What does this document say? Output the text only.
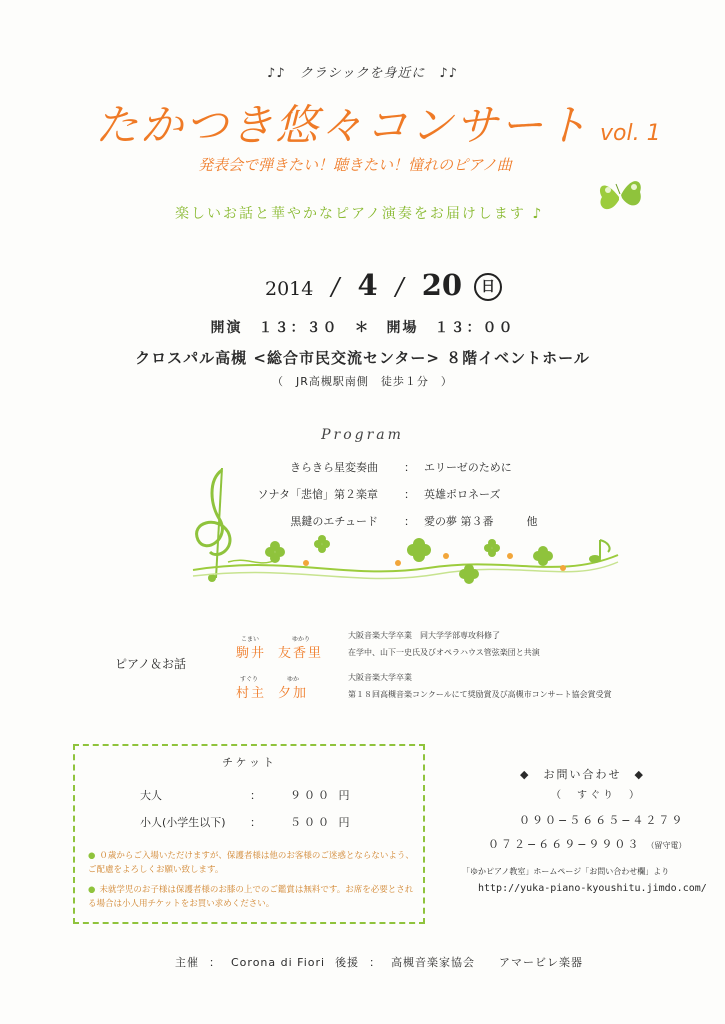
♪♪　クラシックを身近に　♪♪
たかつき悠々コンサート vol. 1
発表会で弾きたい！聴きたい！憧れのピアノ曲
楽しいお話と華やかなピアノ演奏をお届けします ♪
2014 / 4 / 20 日
開演　１３：３０　＊　開場　１３：００
クロスパル高槻 <総合市民交流センター> ８階イベントホール
（　JR高槻駅南側　徒歩１分　）
Program
きらきら星変奏曲 ： エリーゼのために
ソナタ「悲愴」第２楽章 ： 英雄ポロネーズ
黒鍵のエチュード ： 愛の夢 第３番　　　他
ピアノ＆お話
こまい	ゆかり
駒井 友香里
大阪音楽大学卒業　同大学学部専攻科修了
在学中、山下一史氏及びオペラハウス管弦楽団と共演
すぐり	ゆか
村主 夕加
大阪音楽大学卒業
第１８回高槻音楽コンクールにて奨励賞及び高槻市コンサート協会賞受賞
チケット
大人	：	９００ 円
小人(小学生以下) ：	５００ 円
● ０歳からご入場いただけますが、保護者様は他のお客様のご迷惑とならないよう、ご配慮をよろしくお願い致します。
● 未就学児のお子様は保護者様のお膝の上でのご鑑賞は無料です。お席を必要とされる場合は小人用チケットをお買い求めください。
◆　お問い合わせ　◆
（　すぐり　）
０９０−５６６５−４２７９
０７２−６６９−９９０３ （留守電）
「ゆかピアノ教室」ホームページ「お問い合わせ欄」より
http://yuka-piano-kyoushitu.jimdo.com/
主催 ： Corona di Fiori 後援 ： 高槻音楽家協会　　アマービレ楽器
